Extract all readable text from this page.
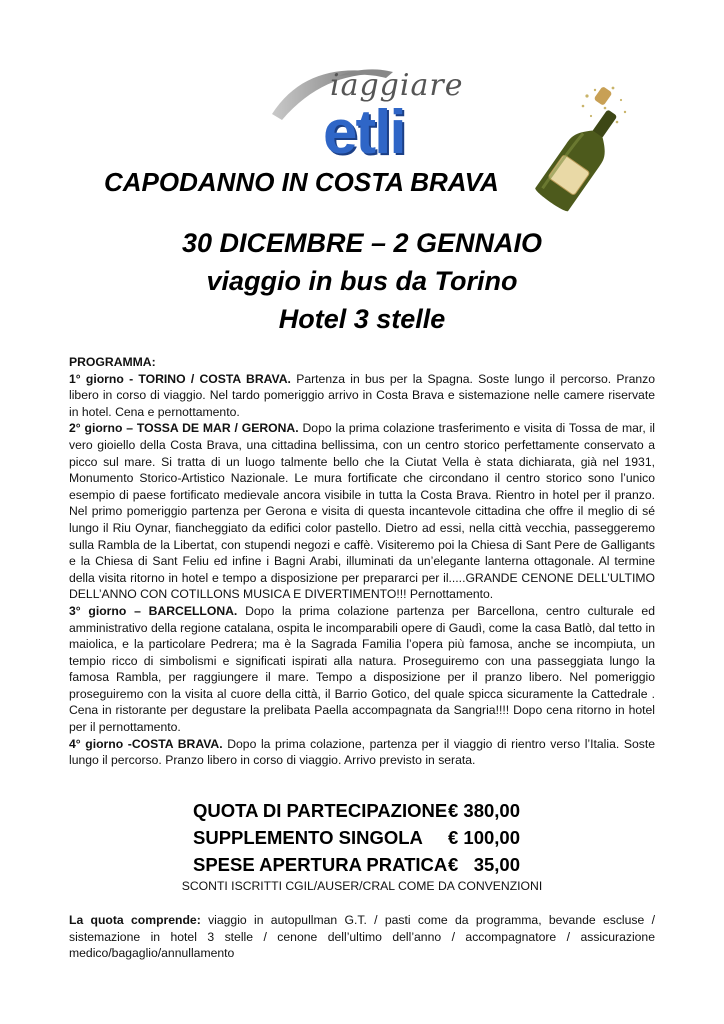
iaggiare
etli
CAPODANNO IN COSTA BRAVA
30 DICEMBRE – 2 GENNAIO
viaggio in bus da Torino
Hotel 3 stelle

PROGRAMMA:

1° giorno - TORINO / COSTA BRAVA. Partenza in bus per la Spagna. Soste lungo il percorso. Pranzo libero in corso di viaggio. Nel tardo pomeriggio arrivo in Costa Brava e sistemazione nelle camere riservate in hotel. Cena e pernottamento.

2° giorno – TOSSA DE MAR / GERONA. Dopo la prima colazione trasferimento e visita di Tossa de mar, il vero gioiello della Costa Brava, una cittadina bellissima, con un centro storico perfettamente conservato a picco sul mare. Si tratta di un luogo talmente bello che la Ciutat Vella è stata dichiarata, già nel 1931, Monumento Storico-Artistico Nazionale. Le mura fortificate che circondano il centro storico sono l’unico esempio di paese fortificato medievale ancora visibile in tutta la Costa Brava. Rientro in hotel per il pranzo. Nel primo pomeriggio partenza per Gerona e visita di questa incantevole cittadina che offre il meglio di sé lungo il Riu Oynar, fiancheggiato da edifici color pastello. Dietro ad essi, nella città vecchia, passeggeremo sulla Rambla de la Libertat, con stupendi negozi e caffè. Visiteremo poi la Chiesa di Sant Pere de Galligants e la Chiesa di Sant Feliu ed infine i Bagni Arabi, illuminati da un’elegante lanterna ottagonale. Al termine della visita ritorno in hotel e tempo a disposizione per prepararci per il.....GRANDE CENONE DELL’ULTIMO DELL’ANNO CON COTILLONS MUSICA E DIVERTIMENTO!!! Pernottamento.

3° giorno – BARCELLONA. Dopo la prima colazione partenza per Barcellona, centro culturale ed amministrativo della regione catalana, ospita le incomparabili opere di Gaudì, come la casa Batlò, dal tetto in maiolica, e la particolare Pedrera; ma è la Sagrada Familia l’opera più famosa, anche se incompiuta, un tempio ricco di simbolismi e significati ispirati alla natura. Proseguiremo con una passeggiata lungo la famosa Rambla, per raggiungere il mare. Tempo a disposizione per il pranzo libero. Nel pomeriggio proseguiremo con la visita al cuore della città, il Barrio Gotico, del quale spicca sicuramente la Cattedrale . Cena in ristorante per degustare la prelibata Paella accompagnata da Sangria!!!! Dopo cena ritorno in hotel per il pernottamento.

4° giorno -COSTA BRAVA. Dopo la prima colazione, partenza per il viaggio di rientro verso l’Italia. Soste lungo il percorso. Pranzo libero in corso di viaggio. Arrivo previsto in serata.

QUOTA DI PARTECIPAZIONE € 380,00
SUPPLEMENTO SINGOLA € 100,00
SPESE APERTURA PRATICA €   35,00
SCONTI ISCRITTI CGIL/AUSER/CRAL COME DA CONVENZIONI
La quota comprende: viaggio in autopullman G.T. / pasti come da programma, bevande escluse / sistemazione in hotel 3 stelle / cenone dell’ultimo dell’anno / accompagnatore / assicurazione medico/bagaglio/annullamento
